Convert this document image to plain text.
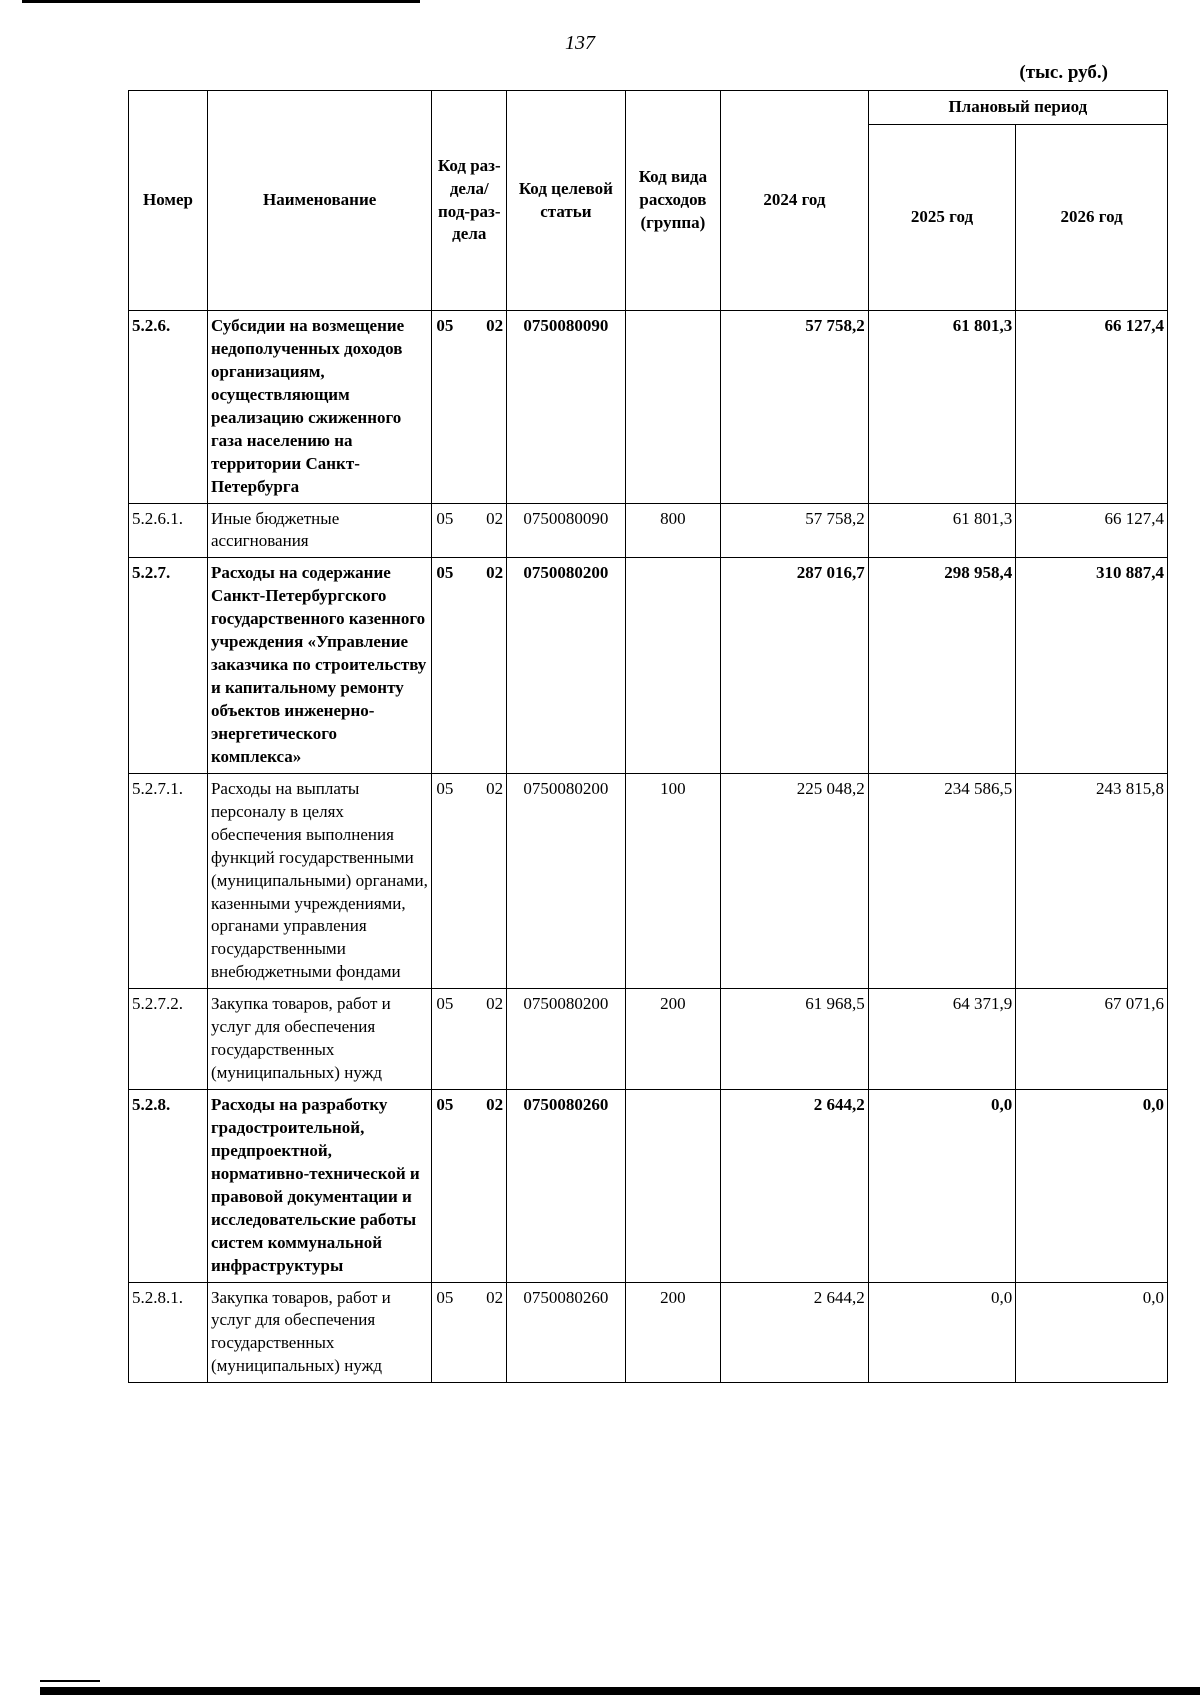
137
(тыс. руб.)
Номер	Наименование	Код раз-дела/ под-раз-дела	Код целевой статьи	Код вида расходов (группа)	2024 год	Плановый период	
						2025 год	2026 год
5.2.6.	Субсидии на возмещение недополученных доходов организациям, осуществляющим реализацию сжиженного газа населению на территории Санкт-Петербурга	05 02	0750080090		57 758,2	61 801,3	66 127,4
5.2.6.1.	Иные бюджетные ассигнования	05 02	0750080090	800	57 758,2	61 801,3	66 127,4
5.2.7.	Расходы на содержание Санкт-Петербургского государственного казенного учреждения «Управление заказчика по строительству и капитальному ремонту объектов инженерно-энергетического комплекса»	05 02	0750080200		287 016,7	298 958,4	310 887,4
5.2.7.1.	Расходы на выплаты персоналу в целях обеспечения выполнения функций государственными (муниципальными) органами, казенными учреждениями, органами управления государственными внебюджетными фондами	05 02	0750080200	100	225 048,2	234 586,5	243 815,8
5.2.7.2.	Закупка товаров, работ и услуг для обеспечения государственных (муниципальных) нужд	05 02	0750080200	200	61 968,5	64 371,9	67 071,6
5.2.8.	Расходы на разработку градостроительной, предпроектной, нормативно-технической и правовой документации и исследовательские работы систем коммунальной инфраструктуры	05 02	0750080260		2 644,2	0,0	0,0
5.2.8.1.	Закупка товаров, работ и услуг для обеспечения государственных (муниципальных) нужд	05 02	0750080260	200	2 644,2	0,0	0,0
